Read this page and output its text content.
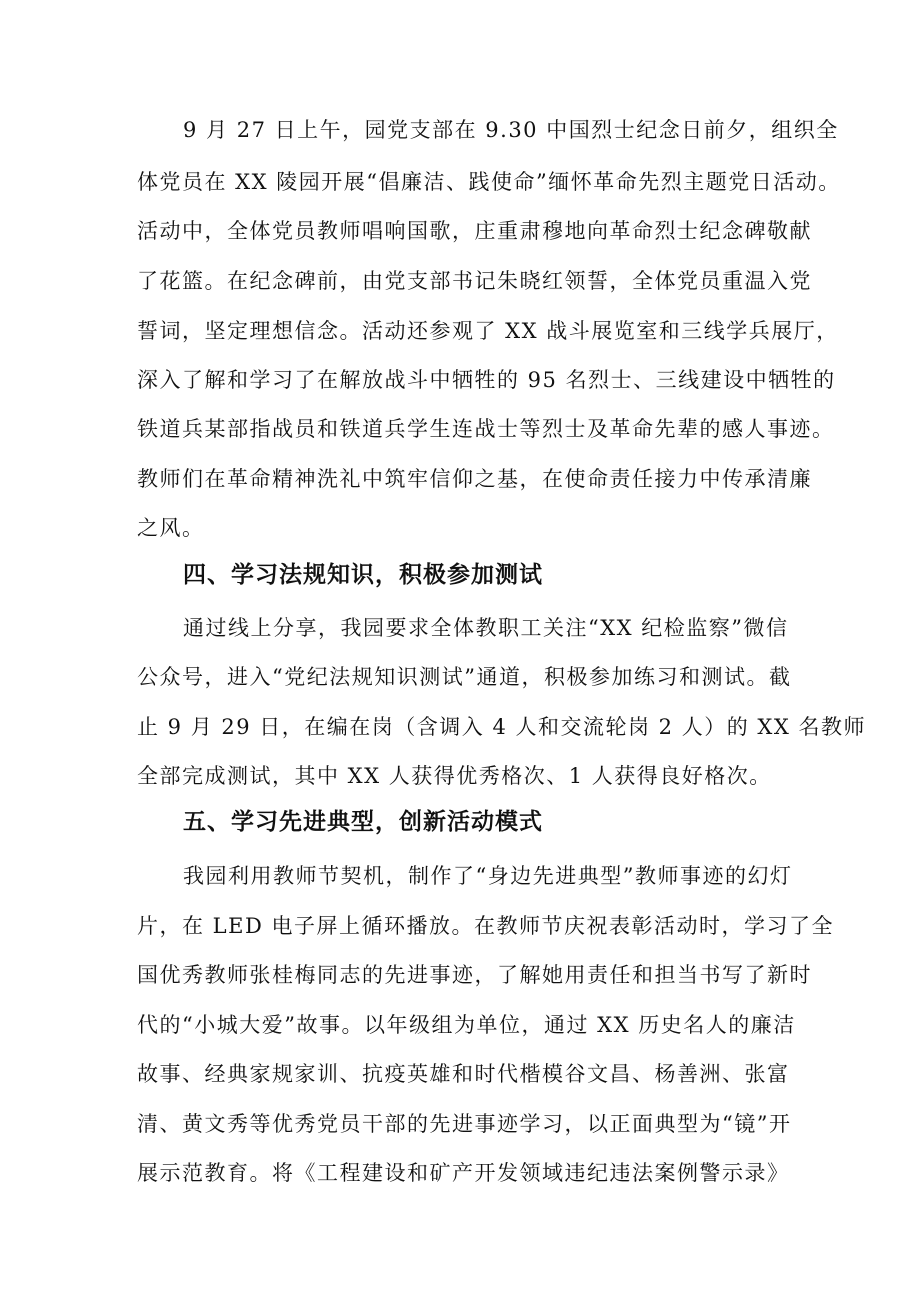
9 月 27 日上午，园党支部在 9.30 中国烈士纪念日前夕，组织全
体党员在 XX 陵园开展“倡廉洁、践使命”缅怀革命先烈主题党日活动。
活动中，全体党员教师唱响国歌，庄重肃穆地向革命烈士纪念碑敬献
了花篮。在纪念碑前，由党支部书记朱晓红领誓，全体党员重温入党
誓词，坚定理想信念。活动还参观了 XX 战斗展览室和三线学兵展厅，
深入了解和学习了在解放战斗中牺牲的 95 名烈士、三线建设中牺牲的
铁道兵某部指战员和铁道兵学生连战士等烈士及革命先辈的感人事迹。
教师们在革命精神洗礼中筑牢信仰之基，在使命责任接力中传承清廉
之风。
四、学习法规知识，积极参加测试
通过线上分享，我园要求全体教职工关注“XX 纪检监察”微信
公众号，进入“党纪法规知识测试”通道，积极参加练习和测试。截
止 9 月 29 日，在编在岗（含调入 4 人和交流轮岗 2 人）的 XX 名教师
全部完成测试，其中 XX 人获得优秀格次、1 人获得良好格次。
五、学习先进典型，创新活动模式
我园利用教师节契机，制作了“身边先进典型”教师事迹的幻灯
片，在 LED 电子屏上循环播放。在教师节庆祝表彰活动时，学习了全
国优秀教师张桂梅同志的先进事迹，了解她用责任和担当书写了新时
代的“小城大爱”故事。以年级组为单位，通过 XX 历史名人的廉洁
故事、经典家规家训、抗疫英雄和时代楷模谷文昌、杨善洲、张富
清、黄文秀等优秀党员干部的先进事迹学习，以正面典型为“镜”开
展示范教育。将《工程建设和矿产开发领域违纪违法案例警示录》
